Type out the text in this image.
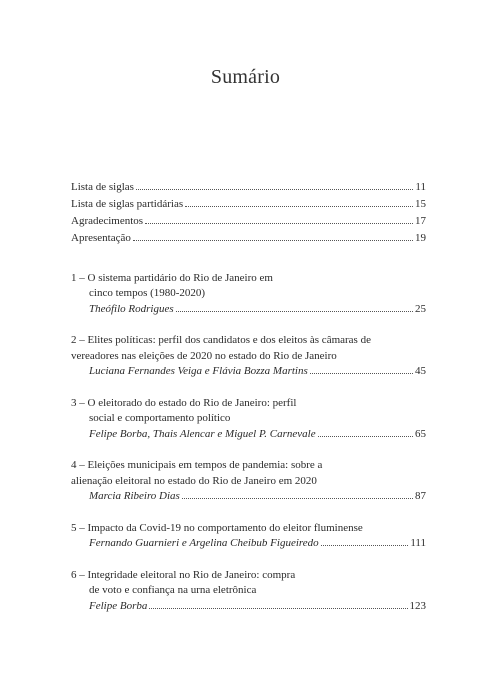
Sumário
Lista de siglas	11
Lista de siglas partidárias	15
Agradecimentos	17
Apresentação	19
1 – O sistema partidário do Rio de Janeiro em
cinco tempos (1980-2020)
Theófilo Rodrigues	25
2 – Elites políticas: perfil dos candidatos e dos eleitos às câmaras de
vereadores nas eleições de 2020 no estado do Rio de Janeiro
Luciana Fernandes Veiga e Flávia Bozza Martins	45
3 – O eleitorado do estado do Rio de Janeiro: perfil
social e comportamento político
Felipe Borba, Thais Alencar e Miguel P. Carnevale	65
4 – Eleições municipais em tempos de pandemia: sobre a
alienação eleitoral no estado do Rio de Janeiro em 2020
Marcia Ribeiro Dias	87
5 – Impacto da Covid-19 no comportamento do eleitor fluminense
Fernando Guarnieri e Argelina Cheibub Figueiredo	111
6 – Integridade eleitoral no Rio de Janeiro: compra
de voto e confiança na urna eletrônica
Felipe Borba	123
